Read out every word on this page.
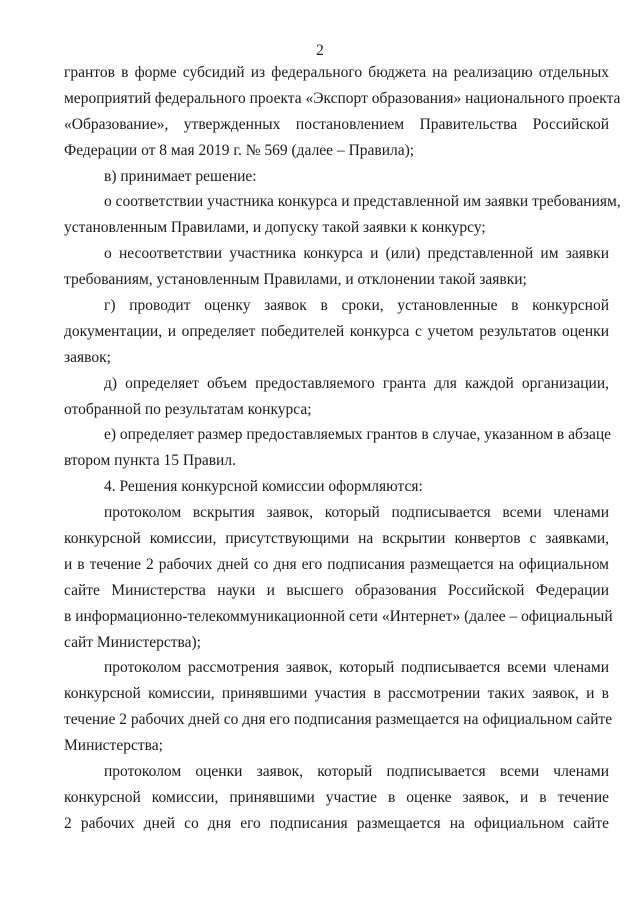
2
грантов в форме субсидий из федерального бюджета на реализацию отдельных
мероприятий федерального проекта «Экспорт образования» национального проекта
«Образование», утвержденных постановлением Правительства Российской
Федерации от 8 мая 2019 г. № 569 (далее – Правила);
в) принимает решение:
о соответствии участника конкурса и представленной им заявки требованиям,
установленным Правилами, и допуску такой заявки к конкурсу;
о несоответствии участника конкурса и (или) представленной им заявки
требованиям, установленным Правилами, и отклонении такой заявки;
г) проводит оценку заявок в сроки, установленные в конкурсной
документации, и определяет победителей конкурса с учетом результатов оценки
заявок;
д) определяет объем предоставляемого гранта для каждой организации,
отобранной по результатам конкурса;
е) определяет размер предоставляемых грантов в случае, указанном в абзаце
втором пункта 15 Правил.
4. Решения конкурсной комиссии оформляются:
протоколом вскрытия заявок, который подписывается всеми членами
конкурсной комиссии, присутствующими на вскрытии конвертов с заявками,
и в течение 2 рабочих дней со дня его подписания размещается на официальном
сайте Министерства науки и высшего образования Российской Федерации
в информационно-телекоммуникационной сети «Интернет» (далее – официальный
сайт Министерства);
протоколом рассмотрения заявок, который подписывается всеми членами
конкурсной комиссии, принявшими участия в рассмотрении таких заявок, и в
течение 2 рабочих дней со дня его подписания размещается на официальном сайте
Министерства;
протоколом оценки заявок, который подписывается всеми членами
конкурсной комиссии, принявшими участие в оценке заявок, и в течение
2 рабочих дней со дня его подписания размещается на официальном сайте
